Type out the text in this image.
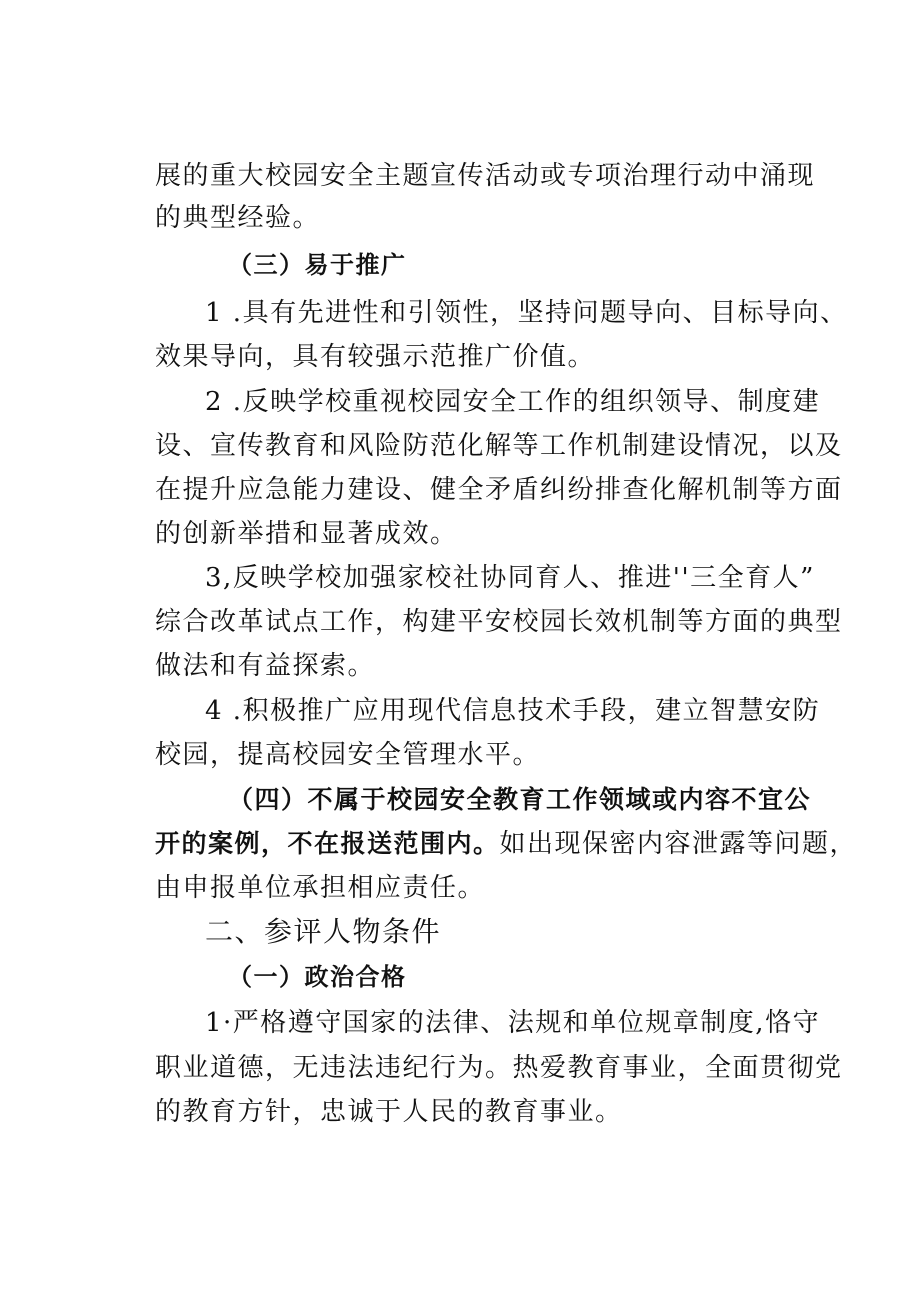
展的重大校园安全主题宣传活动或专项治理行动中涌现
的典型经验。
（三）易于推广
1 .具有先进性和引领性，坚持问题导向、目标导向、
效果导向，具有较强示范推广价值。
2 .反映学校重视校园安全工作的组织领导、制度建
设、宣传教育和风险防范化解等工作机制建设情况，以及
在提升应急能力建设、健全矛盾纠纷排查化解机制等方面
的创新举措和显著成效。
3,反映学校加强家校社协同育人、推进''三全育人”
综合改革试点工作，构建平安校园长效机制等方面的典型
做法和有益探索。
4 .积极推广应用现代信息技术手段，建立智慧安防
校园，提高校园安全管理水平。
（四）不属于校园安全教育工作领域或内容不宜公
开的案例，不在报送范围内。如出现保密内容泄露等问题，
由申报单位承担相应责任。
二、参评人物条件
（一）政治合格
1·严格遵守国家的法律、法规和单位规章制度,恪守
职业道德，无违法违纪行为。热爱教育事业，全面贯彻党
的教育方针，忠诚于人民的教育事业。
